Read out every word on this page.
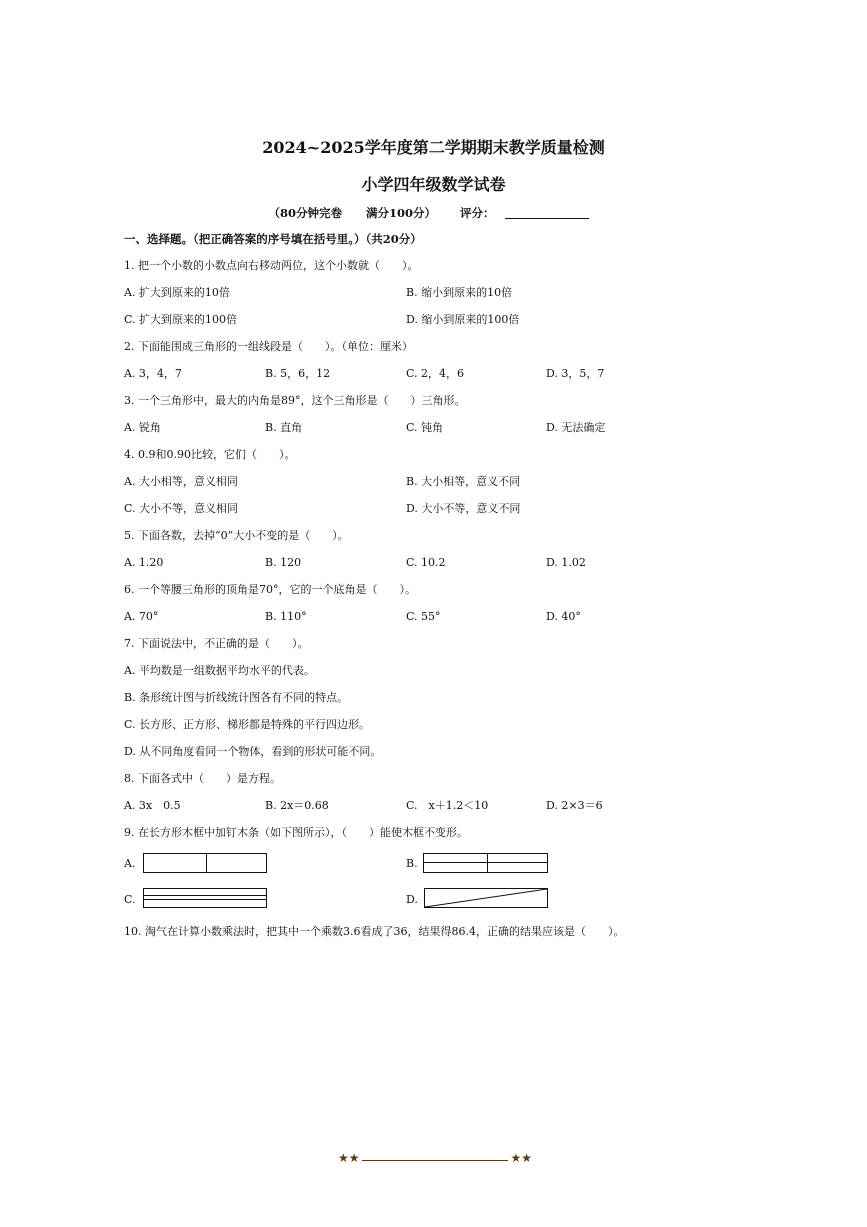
2024~2025学年度第二学期期末教学质量检测
小学四年级数学试卷
（80分钟完卷 满分100分） 评分：
一、选择题。（把正确答案的序号填在括号里。）（共20分）
1. 把一个小数的小数点向右移动两位，这个小数就（　　）。
A. 扩大到原来的10倍	B. 缩小到原来的10倍
C. 扩大到原来的100倍	D. 缩小到原来的100倍
2. 下面能围成三角形的一组线段是（　　）。（单位：厘米）
A. 3，4，7	B. 5，6，12	C. 2，4，6	D. 3，5，7
3. 一个三角形中，最大的内角是89°，这个三角形是（　　）三角形。
A. 锐角	B. 直角	C. 钝角	D. 无法确定
4. 0.9和0.90比较，它们（　　）。
A. 大小相等，意义相同	B. 大小相等，意义不同
C. 大小不等，意义相同	D. 大小不等，意义不同
5. 下面各数，去掉“0”大小不变的是（　　）。
A. 1.20	B. 120	C. 10.2	D. 1.02
6. 一个等腰三角形的顶角是70°，它的一个底角是（　　）。
A. 70°	B. 110°	C. 55°	D. 40°
7. 下面说法中，不正确的是（　　）。
A. 平均数是一组数据平均水平的代表。
B. 条形统计图与折线统计图各有不同的特点。
C. 长方形、正方形、梯形都是特殊的平行四边形。
D. 从不同角度看同一个物体，看到的形状可能不同。
8. 下面各式中（　　）是方程。
A. 3x　0.5	B. 2x＝0.68	C.　x＋1.2＜10	D. 2×3＝6
9. 在长方形木框中加钉木条（如下图所示），（　　）能使木框不变形。
A.	B.
C.	D.
10. 淘气在计算小数乘法时，把其中一个乘数3.6看成了36，结果得86.4，正确的结果应该是（　　）。
★★	★★
